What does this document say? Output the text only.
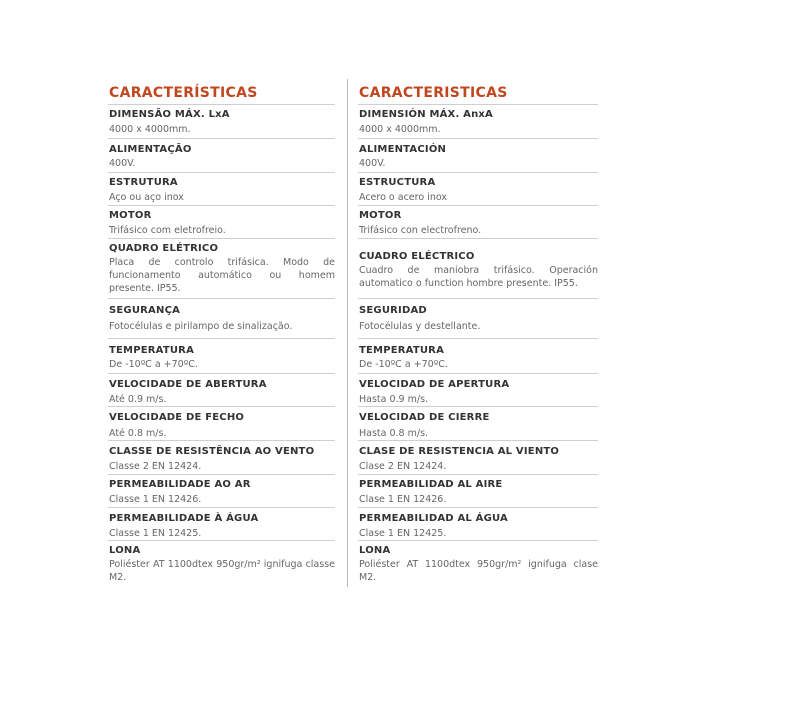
CARACTERÍSTICAS
DIMENSÃO MÁX. LxA
4000 x 4000mm.
ALIMENTAÇÃO
400V.
ESTRUTURA
Aço ou aço inox
MOTOR
Trifásico com eletrofreio.
QUADRO ELÉTRICO
Placa de controlo trifásica. Modo de funcionamento automático ou homem presente. IP55.
SEGURANÇA
Fotocélulas e pirilampo de sinalização.
TEMPERATURA
De -10ºC a +70ºC.
VELOCIDADE DE ABERTURA
Até 0.9 m/s.
VELOCIDADE DE FECHO
Até 0.8 m/s.
CLASSE DE RESISTÊNCIA AO VENTO
Classe 2 EN 12424.
PERMEABILIDADE AO AR
Classe 1 EN 12426.
PERMEABILIDADE À ÁGUA
Classe 1 EN 12425.
LONA
Poliéster AT 1100dtex 950gr/m² ignifuga classe M2.
CARACTERISTICAS
DIMENSIÓN MÁX. AnxA
4000 x 4000mm.
ALIMENTACIÓN
400V.
ESTRUCTURA
Acero o acero inox
MOTOR
Trifásico con electrofreno.
CUADRO ELÉCTRICO
Cuadro de maniobra trifásico. Operación automatico o function hombre presente. IP55.
SEGURIDAD
Fotocélulas y destellante.
TEMPERATURA
De -10ºC a +70ºC.
VELOCIDAD DE APERTURA
Hasta 0.9 m/s.
VELOCIDAD DE CIERRE
Hasta 0.8 m/s.
CLASE DE RESISTENCIA AL VIENTO
Clase 2 EN 12424.
PERMEABILIDAD AL AIRE
Clase 1 EN 12426.
PERMEABILIDAD AL ÁGUA
Clase 1 EN 12425.
LONA
Poliéster AT 1100dtex 950gr/m² ignifuga clase M2.
